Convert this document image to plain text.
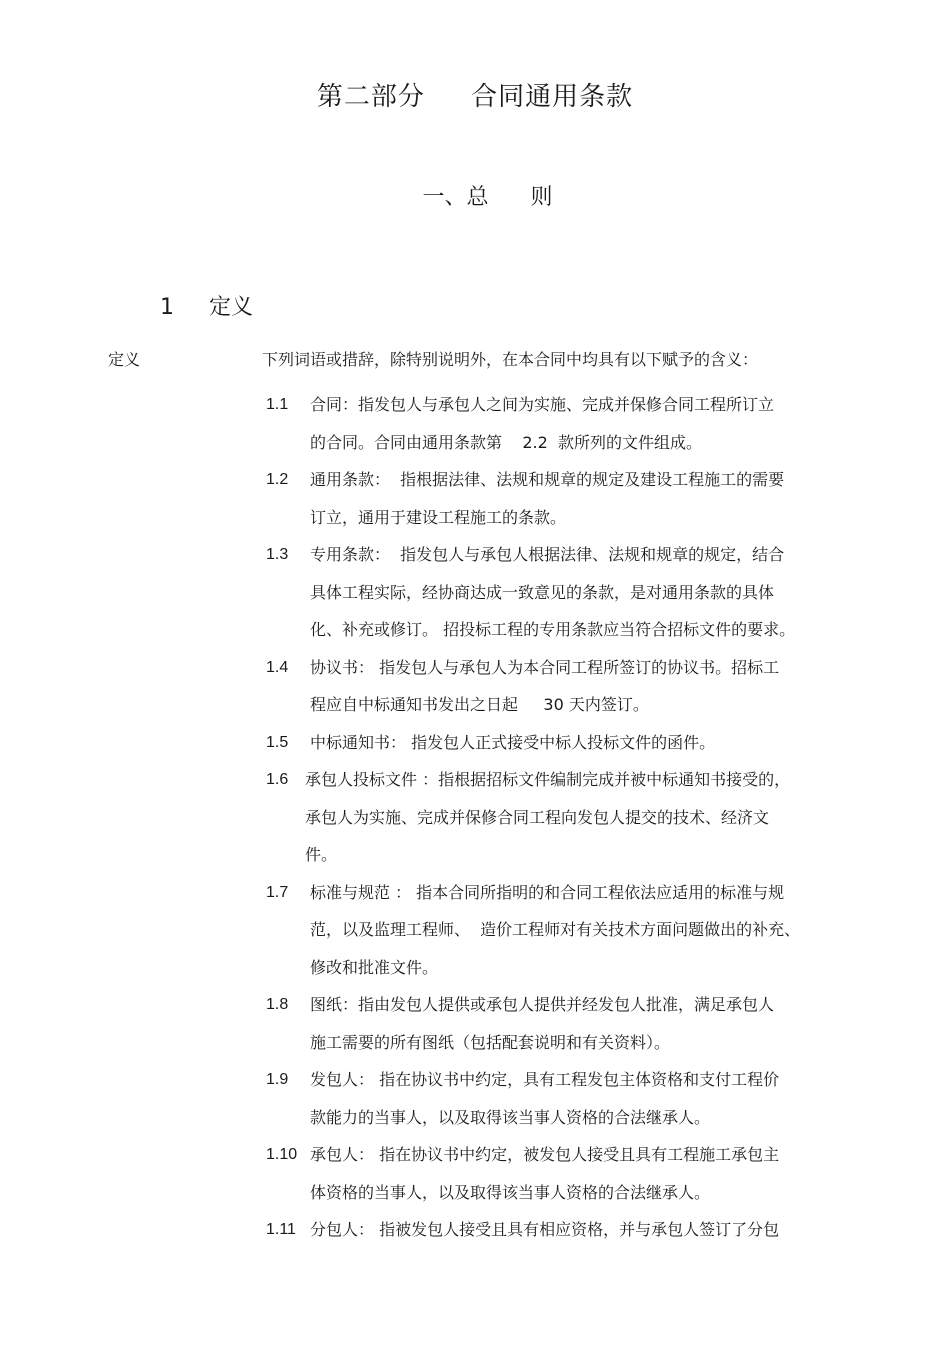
第二部分     合同通用条款
一、总      则
1     定义
定义	下列词语或措辞，除特别说明外，在本合同中均具有以下赋予的含义：
1.1	合同：指发包人与承包人之间为实施、完成并保修合同工程所订立
的合同。合同由通用条款第    2.2  款所列的文件组成。
1.2	通用条款：  指根据法律、法规和规章的规定及建设工程施工的需要
订立，通用于建设工程施工的条款。
1.3	专用条款：  指发包人与承包人根据法律、法规和规章的规定，结合
具体工程实际，经协商达成一致意见的条款，是对通用条款的具体
化、补充或修订。 招投标工程的专用条款应当符合招标文件的要求。
1.4	协议书： 指发包人与承包人为本合同工程所签订的协议书。招标工
程应自中标通知书发出之日起     30 天内签订。
1.5	中标通知书： 指发包人正式接受中标人投标文件的函件。
1.6	承包人投标文件 ：指根据招标文件编制完成并被中标通知书接受的，
承包人为实施、完成并保修合同工程向发包人提交的技术、经济文
件。
1.7	标准与规范 ： 指本合同所指明的和合同工程依法应适用的标准与规
范，以及监理工程师、  造价工程师对有关技术方面问题做出的补充、
修改和批准文件。
1.8	图纸：指由发包人提供或承包人提供并经发包人批准，满足承包人
施工需要的所有图纸（包括配套说明和有关资料）。
1.9	发包人： 指在协议书中约定，具有工程发包主体资格和支付工程价
款能力的当事人，以及取得该当事人资格的合法继承人。
1.10 承包人： 指在协议书中约定，被发包人接受且具有工程施工承包主
体资格的当事人，以及取得该当事人资格的合法继承人。
1.11 分包人： 指被发包人接受且具有相应资格，并与承包人签订了分包
